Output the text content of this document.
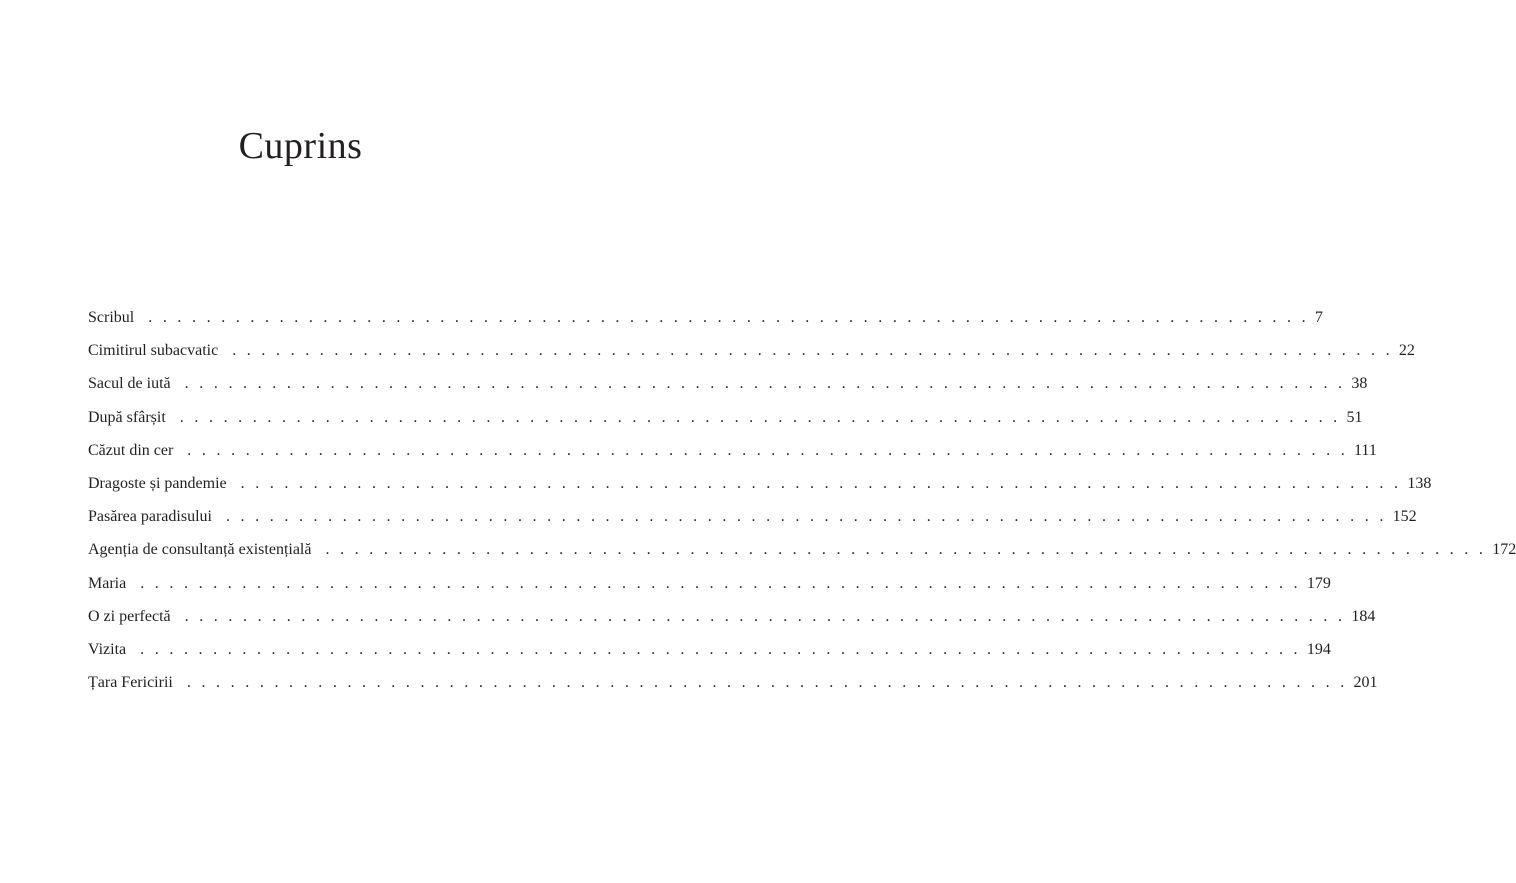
Cuprins
Scribul . . . . . . . . . . . . . . . . . . . . . . . . . . . . . . . . . . . . . . . . . . . . . . . . . . . . . . . . . . . . . . . . . . . . . . . . . . . . . . . . 7
Cimitirul subacvatic . . . . . . . . . . . . . . . . . . . . . . . . . . . . . . . . . . . . . . . . . . . . . . . . . . . . . . . . . . . . . . . . . . . . . . . . . . . . . . . . 22
Sacul de iută . . . . . . . . . . . . . . . . . . . . . . . . . . . . . . . . . . . . . . . . . . . . . . . . . . . . . . . . . . . . . . . . . . . . . . . . . . . . . . . . 38
După sfârșit . . . . . . . . . . . . . . . . . . . . . . . . . . . . . . . . . . . . . . . . . . . . . . . . . . . . . . . . . . . . . . . . . . . . . . . . . . . . . . . . 51
Căzut din cer . . . . . . . . . . . . . . . . . . . . . . . . . . . . . . . . . . . . . . . . . . . . . . . . . . . . . . . . . . . . . . . . . . . . . . . . . . . . . . . . 111
Dragoste și pandemie . . . . . . . . . . . . . . . . . . . . . . . . . . . . . . . . . . . . . . . . . . . . . . . . . . . . . . . . . . . . . . . . . . . . . . . . . . . . . . . . 138
Pasărea paradisului . . . . . . . . . . . . . . . . . . . . . . . . . . . . . . . . . . . . . . . . . . . . . . . . . . . . . . . . . . . . . . . . . . . . . . . . . . . . . . . . 152
Agenția de consultanță existențială . . . . . . . . . . . . . . . . . . . . . . . . . . . . . . . . . . . . . . . . . . . . . . . . . . . . . . . . . . . . . . . . . . . . . . . . . . . . . . . . 172
Maria . . . . . . . . . . . . . . . . . . . . . . . . . . . . . . . . . . . . . . . . . . . . . . . . . . . . . . . . . . . . . . . . . . . . . . . . . . . . . . . . 179
O zi perfectă . . . . . . . . . . . . . . . . . . . . . . . . . . . . . . . . . . . . . . . . . . . . . . . . . . . . . . . . . . . . . . . . . . . . . . . . . . . . . . . . 184
Vizita . . . . . . . . . . . . . . . . . . . . . . . . . . . . . . . . . . . . . . . . . . . . . . . . . . . . . . . . . . . . . . . . . . . . . . . . . . . . . . . . 194
Țara Fericirii . . . . . . . . . . . . . . . . . . . . . . . . . . . . . . . . . . . . . . . . . . . . . . . . . . . . . . . . . . . . . . . . . . . . . . . . . . . . . . . . 201
